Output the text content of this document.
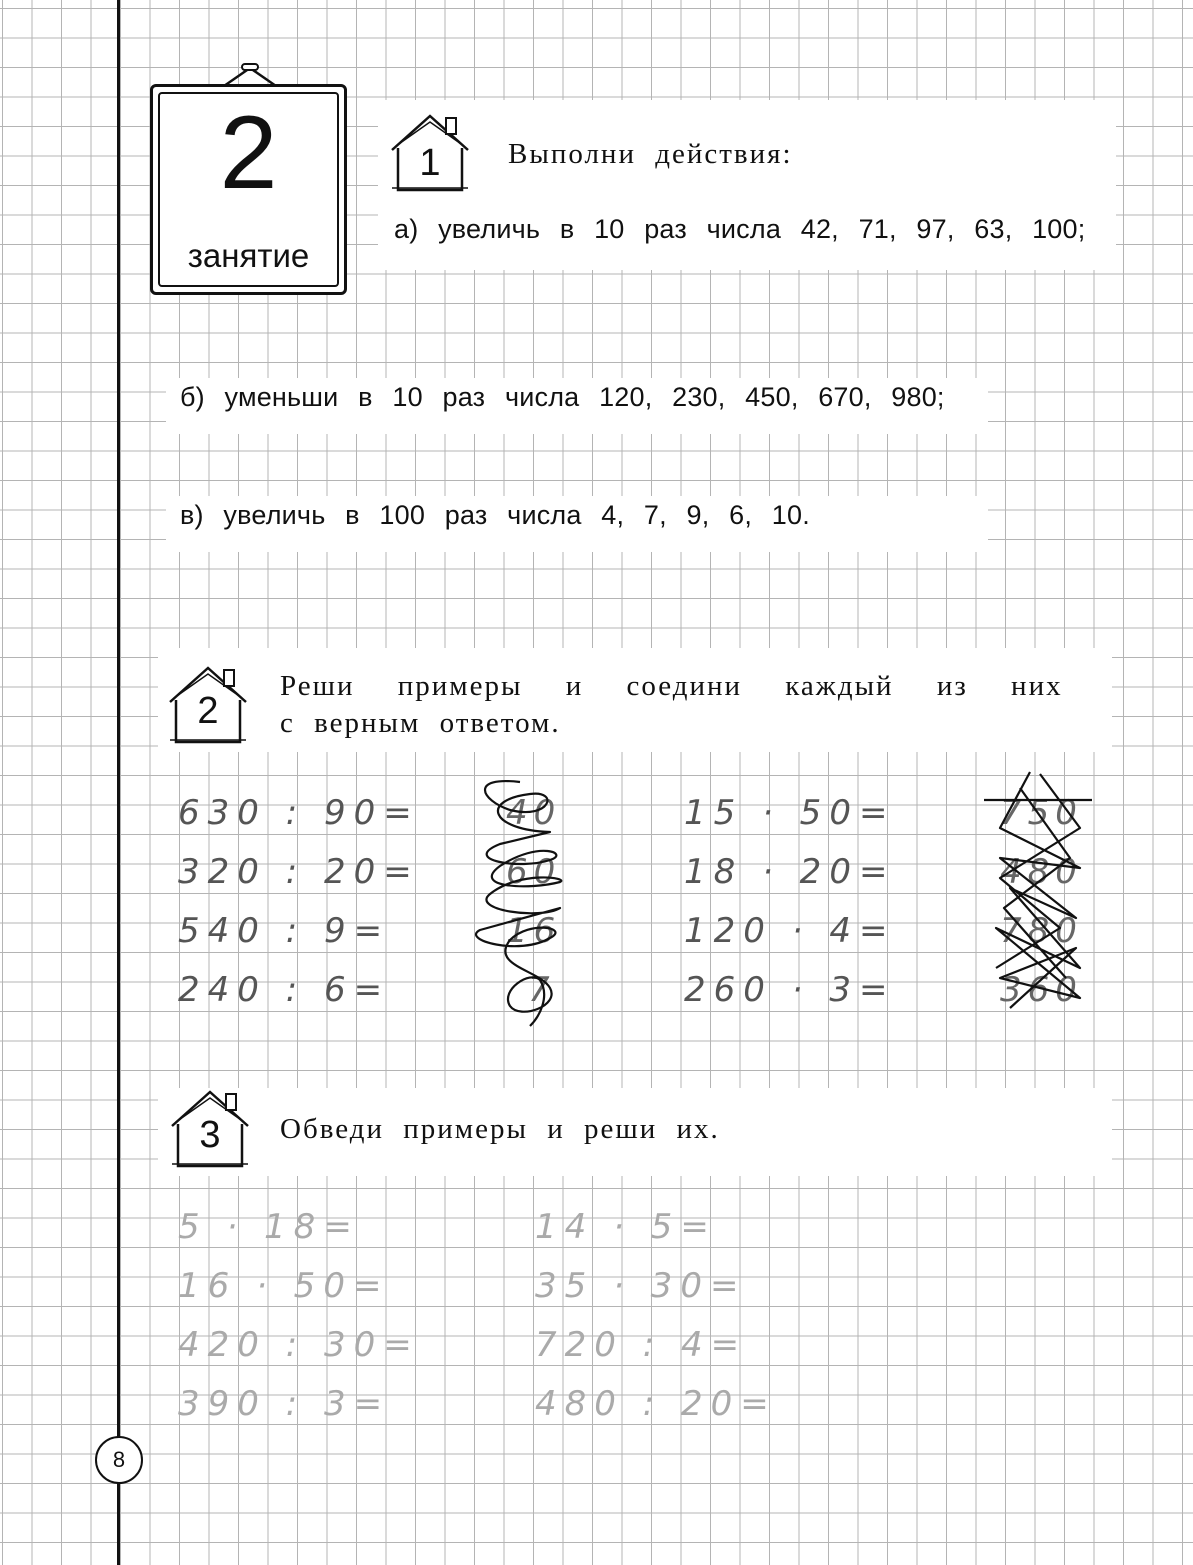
2
занятие
1	Выполни действия:
а) увеличь в 10 раз числа 42, 71, 97, 63, 100;
б) уменьши в 10 раз числа 120, 230, 450, 670, 980;
в) увеличь в 100 раз числа 4, 7, 9, 6, 10.
2
Реши примеры и соедини каждый из них
с верным ответом.
630 : 90=
320 : 20=
540 : 9=
240 : 6=
40
60
16
7
15 · 50=
18 · 20=
120 · 4=
260 · 3=
750
480
780
360
3	Обведи примеры и реши их.
5 · 18=
16 · 50=
420 : 30=
390 : 3=
14 · 5=
35 · 30=
720 : 4=
480 : 20=
8
